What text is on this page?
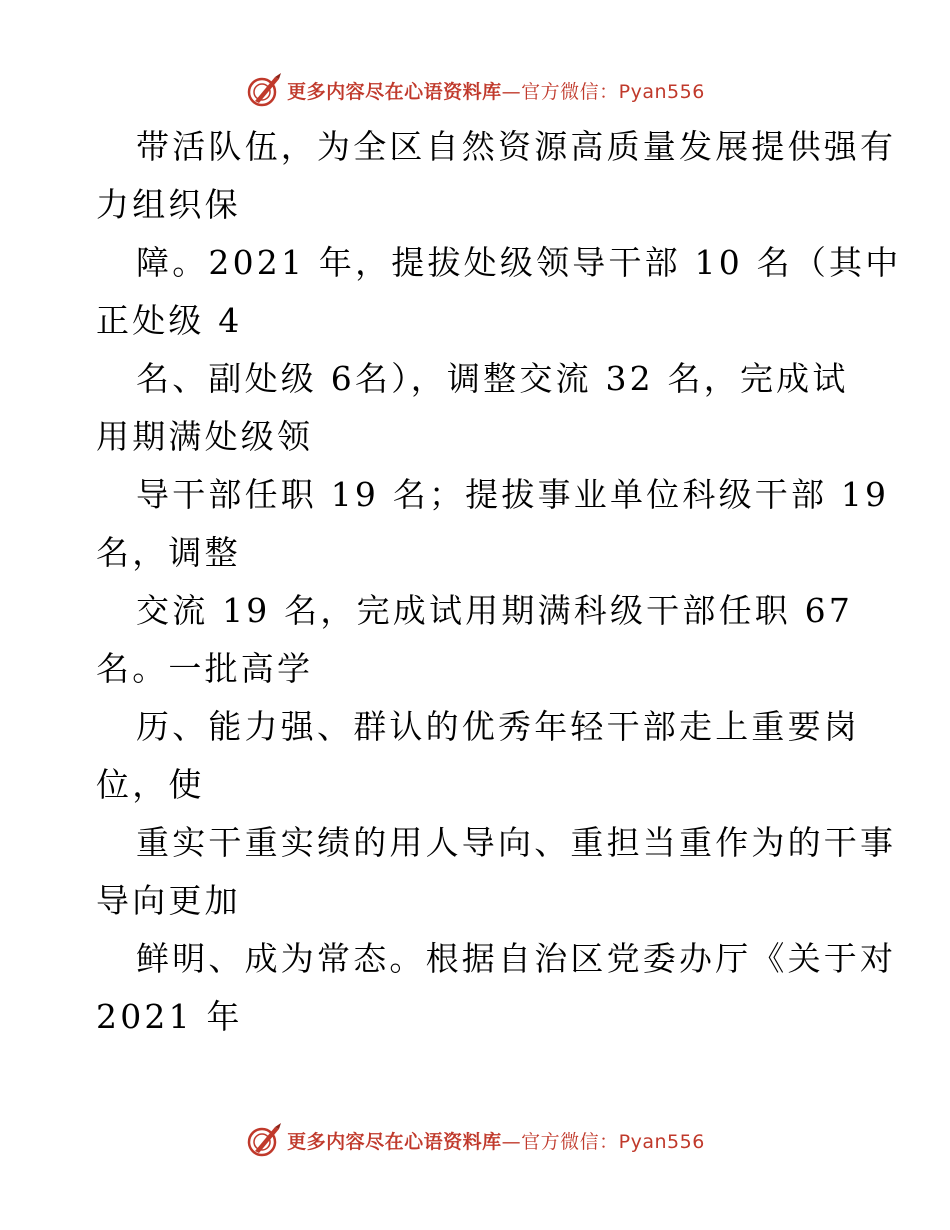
更多内容尽在心语资料库 —官方微信：Pyan556
带活队伍，为全区自然资源高质量发展提供强有
力组织保
障。2021 年，提拔处级领导干部 10 名（其中
正处级 4
名、副处级 6名），调整交流 32 名，完成试
用期满处级领
导干部任职 19 名；提拔事业单位科级干部 19
名，调整
交流 19 名，完成试用期满科级干部任职 67
名。一批高学
历、能力强、群认的优秀年轻干部走上重要岗
位，使
重实干重实绩的用人导向、重担当重作为的干事
导向更加
鲜明、成为常态。根据自治区党委办厅《关于对
2021 年
更多内容尽在心语资料库 —官方微信：Pyan556
